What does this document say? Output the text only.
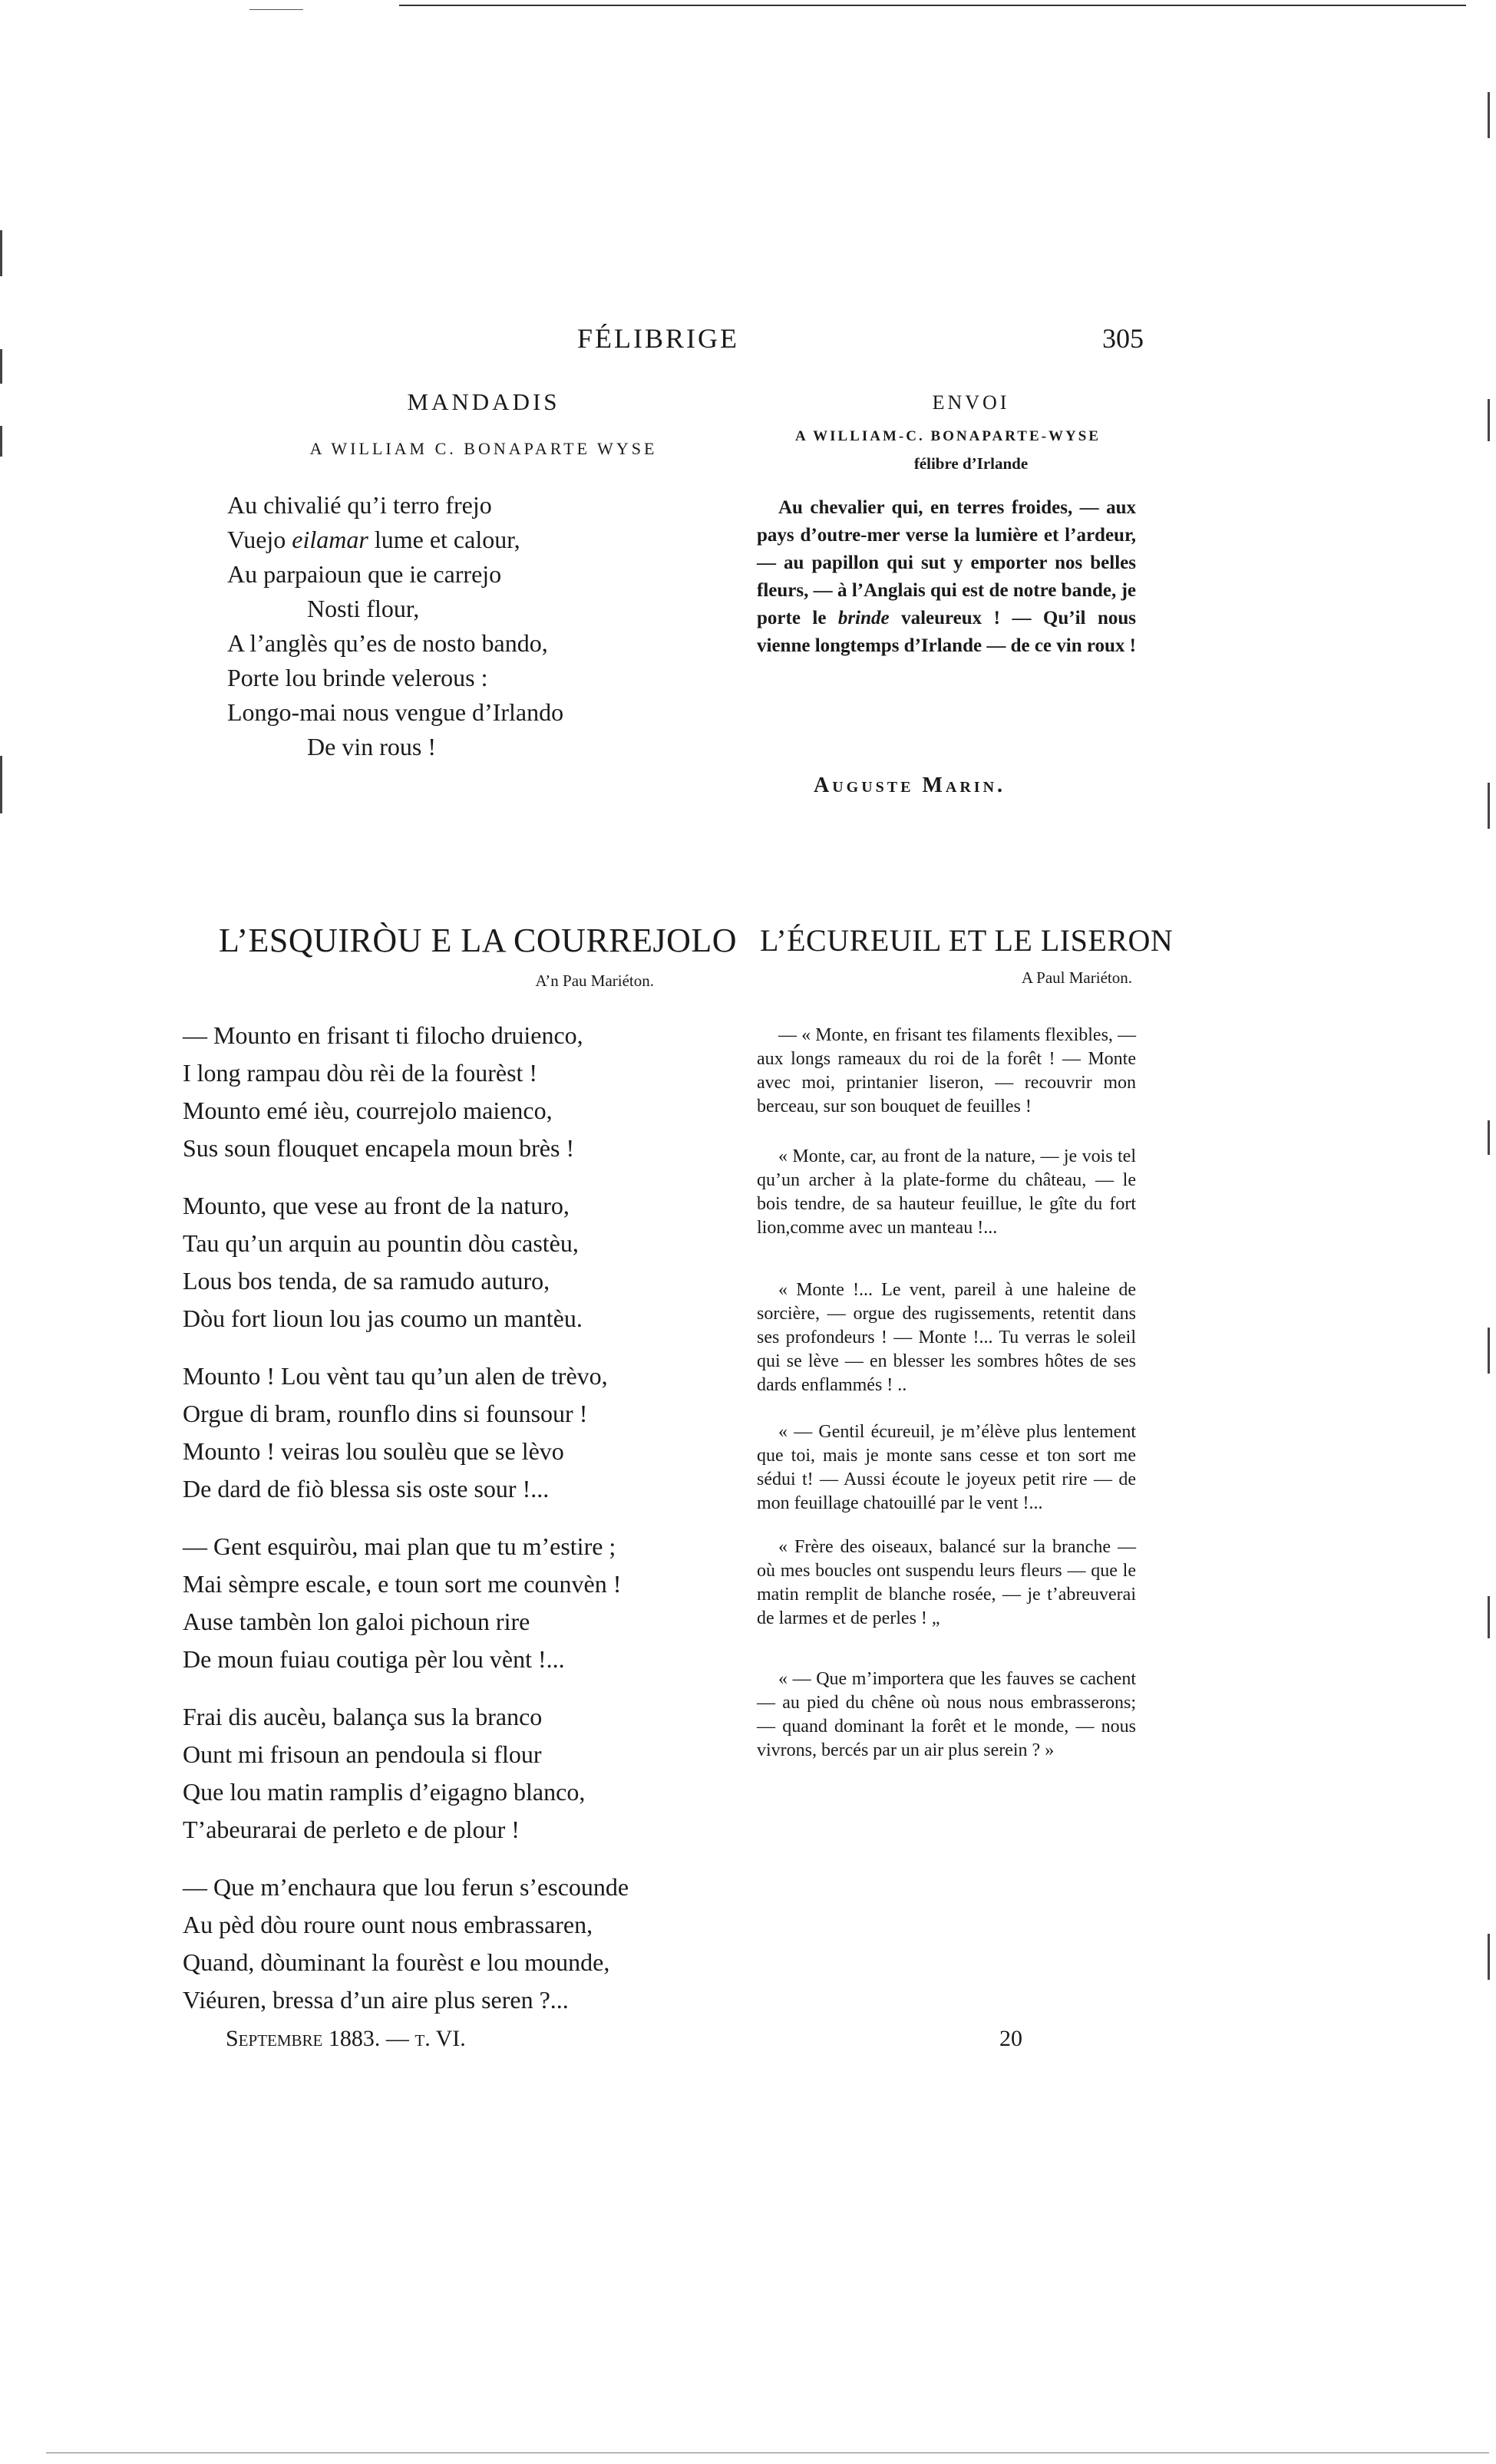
FÉLIBRIGE	305
MANDADIS
A WILLIAM C. BONAPARTE WYSE
Au chivalié qu’i terro frejo
Vuejo eilamar lume et calour,
Au parpaioun que ie carrejo
Nosti flour,
A l’anglès qu’es de nosto bando,
Porte lou brinde velerous :
Longo-mai nous vengue d’Irlando
De vin rous !
ENVOI
A WILLIAM-C. BONAPARTE-WYSE
félibre d’Irlande

Au chevalier qui, en terres froides, — aux pays d’outre-mer verse la lumière et l’ardeur, — au papillon qui sut y emporter nos belles fleurs, — à l’Anglais qui est de notre bande, je porte le brinde valeureux ! — Qu’il nous vienne longtemps d’Irlande — de ce vin roux !

Auguste Marin.
L’ESQUIRÒU E LA COURREJOLO
A’n Pau Mariéton.
— Mounto en frisant ti filocho druienco,
I long rampau dòu rèi de la fourèst !
Mounto emé ièu, courrejolo maienco,
Sus soun flouquet encapela moun brès !
Mounto, que vese au front de la naturo,
Tau qu’un arquin au pountin dòu castèu,
Lous bos tenda, de sa ramudo auturo,
Dòu fort lioun lou jas coumo un mantèu.
Mounto ! Lou vènt tau qu’un alen de trèvo,
Orgue di bram, rounflo dins si founsour !
Mounto ! veiras lou soulèu que se lèvo
De dard de fiò blessa sis oste sour !...
— Gent esquiròu, mai plan que tu m’estire ;
Mai sèmpre escale, e toun sort me counvèn !
Ause tambèn lon galoi pichoun rire
De moun fuiau coutiga pèr lou vènt !...
Frai dis aucèu, balança sus la branco
Ount mi frisoun an pendoula si flour
Que lou matin ramplis d’eigagno blanco,
T’abeurarai de perleto e de plour !
— Que m’enchaura que lou ferun s’escounde
Au pèd dòu roure ount nous embrassaren,
Quand, dòuminant la fourèst e lou mounde,
Viéuren, bressa d’un aire plus seren ?...
L’ÉCUREUIL ET LE LISERON
A Paul Mariéton.

— « Monte, en frisant tes filaments flexibles, — aux longs rameaux du roi de la forêt ! — Monte avec moi, printanier liseron, — recouvrir mon berceau, sur son bouquet de feuilles !

« Monte, car, au front de la nature, — je vois tel qu’un archer à la plate-forme du château, — le bois tendre, de sa hauteur feuillue, le gîte du fort lion,comme avec un manteau !...

« Monte !... Le vent, pareil à une haleine de sorcière, — orgue des rugissements, retentit dans ses profondeurs ! — Monte !... Tu verras le soleil qui se lève — en blesser les sombres hôtes de ses dards enflammés ! ..

« — Gentil écureuil, je m’élève plus lentement que toi, mais je monte sans cesse et ton sort me sédui t! — Aussi écoute le joyeux petit rire — de mon feuillage chatouillé par le vent !...

« Frère des oiseaux, balancé sur la branche — où mes boucles ont suspendu leurs fleurs — que le matin remplit de blanche rosée, — je t’abreuverai de larmes et de perles ! „

« — Que m’importera que les fauves se cachent — au pied du chêne où nous nous embrasserons; — quand dominant la forêt et le monde, — nous vivrons, bercés par un air plus serein ? »

Septembre 1883. — t. VI.	20
